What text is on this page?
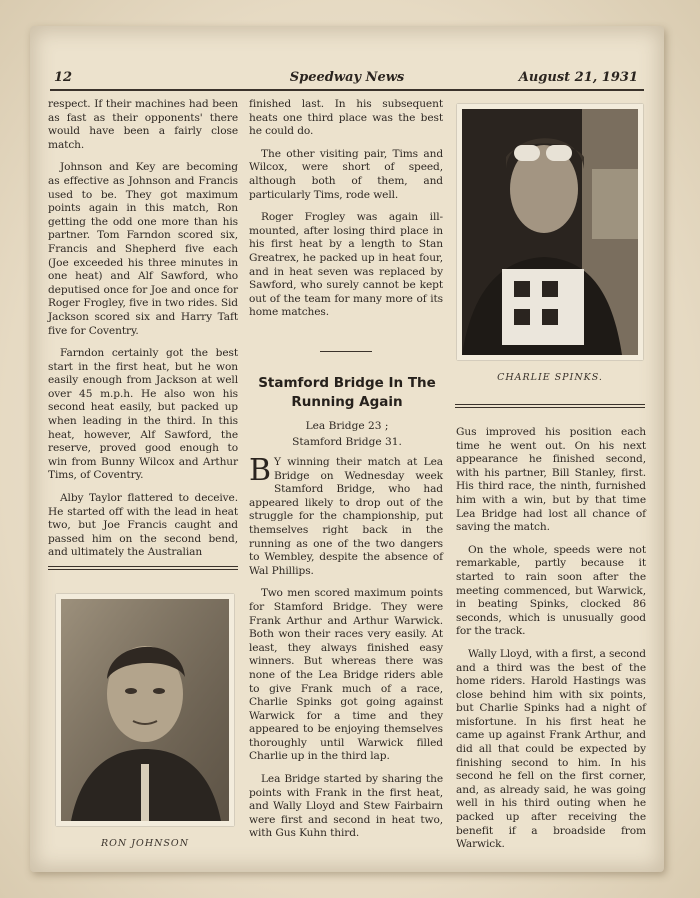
12	Speedway News	August 21, 1931

respect. If their machines had been as fast as their opponents' there would have been a fairly close match.

Johnson and Key are becoming as effective as Johnson and Francis used to be. They got maximum points again in this match, Ron getting the odd one more than his partner. Tom Farndon scored six, Francis and Shepherd five each (Joe exceeded his three minutes in one heat) and Alf Sawford, who deputised once for Joe and once for Roger Frogley, five in two rides. Sid Jackson scored six and Harry Taft five for Coventry.

Farndon certainly got the best start in the first heat, but he won easily enough from Jackson at well over 45 m.p.h. He also won his second heat easily, but packed up when leading in the third. In this heat, however, Alf Sawford, the reserve, proved good enough to win from Bunny Wilcox and Arthur Tims, of Coventry.

Alby Taylor flattered to deceive. He started off with the lead in heat two, but Joe Francis caught and passed him on the second bend, and ultimately the Australian

RON JOHNSON

finished last. In his subsequent heats one third place was the best he could do.

The other visiting pair, Tims and Wilcox, were short of speed, although both of them, and particularly Tims, rode well.

Roger Frogley was again ill-mounted, after losing third place in his first heat by a length to Stan Greatrex, he packed up in heat four, and in heat seven was replaced by Sawford, who surely cannot be kept out of the team for many more of its home matches.

Stamford Bridge In The Running Again
Lea Bridge 23 ;
Stamford Bridge 31.

B Y winning their match at Lea Bridge on Wednesday week Stamford Bridge, who had appeared likely to drop out of the struggle for the championship, put themselves right back in the running as one of the two dangers to Wembley, despite the absence of Wal Phillips.

Two men scored maximum points for Stamford Bridge. They were Frank Arthur and Arthur Warwick. Both won their races very easily. At least, they always finished easy winners. But whereas there was none of the Lea Bridge riders able to give Frank much of a race, Charlie Spinks got going against Warwick for a time and they appeared to be enjoying themselves thoroughly until Warwick filled Charlie up in the third lap.

Lea Bridge started by sharing the points with Frank in the first heat, and Wally Lloyd and Stew Fairbairn were first and second in heat two, with Gus Kuhn third.

CHARLIE SPINKS.

Gus improved his position each time he went out. On his next appearance he finished second, with his partner, Bill Stanley, first. His third race, the ninth, furnished him with a win, but by that time Lea Bridge had lost all chance of saving the match.

On the whole, speeds were not remarkable, partly because it started to rain soon after the meeting commenced, but Warwick, in beating Spinks, clocked 86 seconds, which is unusually good for the track.

Wally Lloyd, with a first, a second and a third was the best of the home riders. Harold Hastings was close behind him with six points, but Charlie Spinks had a night of misfortune. In his first heat he came up against Frank Arthur, and did all that could be expected by finishing second to him. In his second he fell on the first corner, and, as already said, he was going well in his third outing when he packed up after receiving the benefit if a broadside from Warwick.
